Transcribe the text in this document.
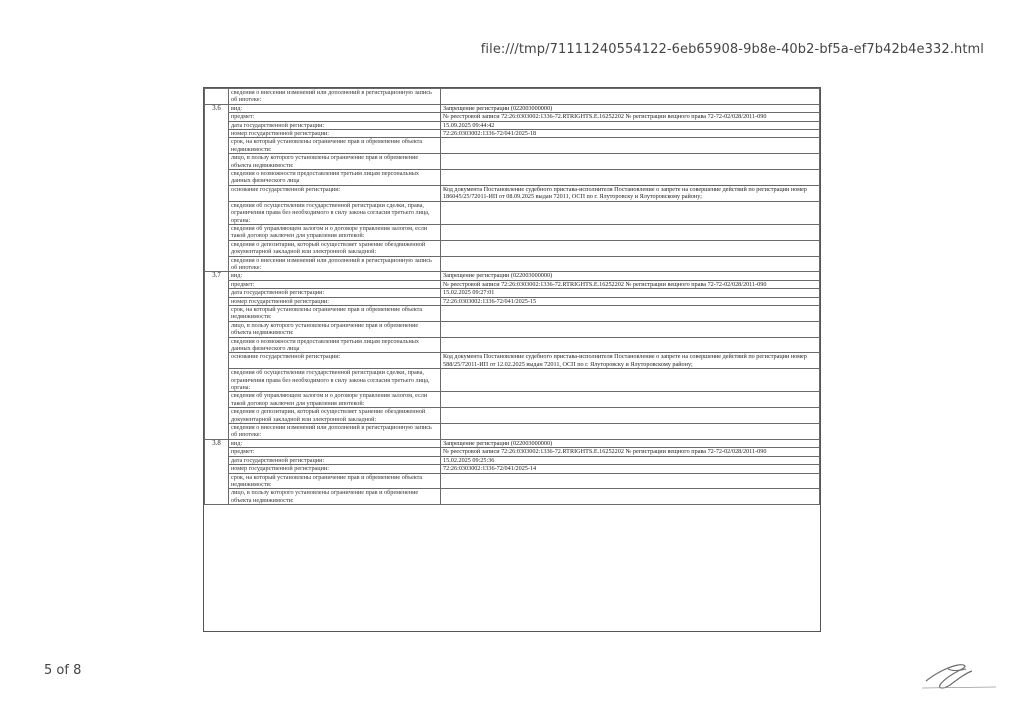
file:///tmp/71111240554122-6eb65908-9b8e-40b2-bf5a-ef7b42b4e332.html
	сведения о внесении изменений или дополнений в регистрационную запись об ипотеке:	
3.6	вид:	Запрещение регистрации (022003000000)
	предмет:	№ реестровой записи 72:26:0303002:1336-72.RTRIGHTS.E.16252202 № регистрации вещного права 72-72-02/028/2011-090
	дата государственной регистрации:	15.09.2025 09:44:42
	номер государственной регистрации:	72:26:0303002:1336-72/041/2025-18
	срок, на который установлены ограничение прав и обременение объекта недвижимости:	
	лицо, в пользу которого установлены ограничение прав и обременение объекта недвижимости:	
	сведения о возможности предоставления третьим лицам персональных данных физического лица	
	основание государственной регистрации:	Код документа Постановление судебного пристава-исполнителя Постановление о запрете на совершение действий по регистрации номер 186045/25/72011-ИП от 08.09.2025 выдан 72011, ОСП по г. Ялуторовску и Ялуторовскому району;
	сведения об осуществлении государственной регистрации сделки, права, ограничения права без необходимого в силу закона согласия третьего лица, органа:	
	сведения об управляющем залогом и о договоре управления залогом, если такой договор заключен для управления ипотекой:	
	сведения о депозитарии, который осуществляет хранение обездвиженной документарной закладной или электронной закладной:	
	сведения о внесении изменений или дополнений в регистрационную запись об ипотеке:	
3.7	вид:	Запрещение регистрации (022003000000)
	предмет:	№ реестровой записи 72:26:0303002:1336-72.RTRIGHTS.E.16252202 № регистрации вещного права 72-72-02/028/2011-090
	дата государственной регистрации:	15.02.2025 09:27:01
	номер государственной регистрации:	72:26:0303002:1336-72/041/2025-15
	срок, на который установлены ограничение прав и обременение объекта недвижимости:	
	лицо, в пользу которого установлены ограничение прав и обременение объекта недвижимости:	
	сведения о возможности предоставления третьим лицам персональных данных физического лица	
	основание государственной регистрации:	Код документа Постановление судебного пристава-исполнителя Постановление о запрете на совершение действий по регистрации номер 588/25/72011-ИП от 12.02.2025 выдан 72011, ОСП по г. Ялуторовску и Ялуторовскому району;
	сведения об осуществлении государственной регистрации сделки, права, ограничения права без необходимого в силу закона согласия третьего лица, органа:	
	сведения об управляющем залогом и о договоре управления залогом, если такой договор заключен для управления ипотекой:	
	сведения о депозитарии, который осуществляет хранение обездвиженной документарной закладной или электронной закладной:	
	сведения о внесении изменений или дополнений в регистрационную запись об ипотеке:	
3.8	вид:	Запрещение регистрации (022003000000)
	предмет:	№ реестровой записи 72:26:0303002:1336-72.RTRIGHTS.E.16252202 № регистрации вещного права 72-72-02/028/2011-090
	дата государственной регистрации:	15.02.2025 09:25:36
	номер государственной регистрации:	72:26:0303002:1336-72/041/2025-14
	срок, на который установлены ограничение прав и обременение объекта недвижимости:	
	лицо, в пользу которого установлены ограничение прав и обременение объекта недвижимости:	
5 of 8
